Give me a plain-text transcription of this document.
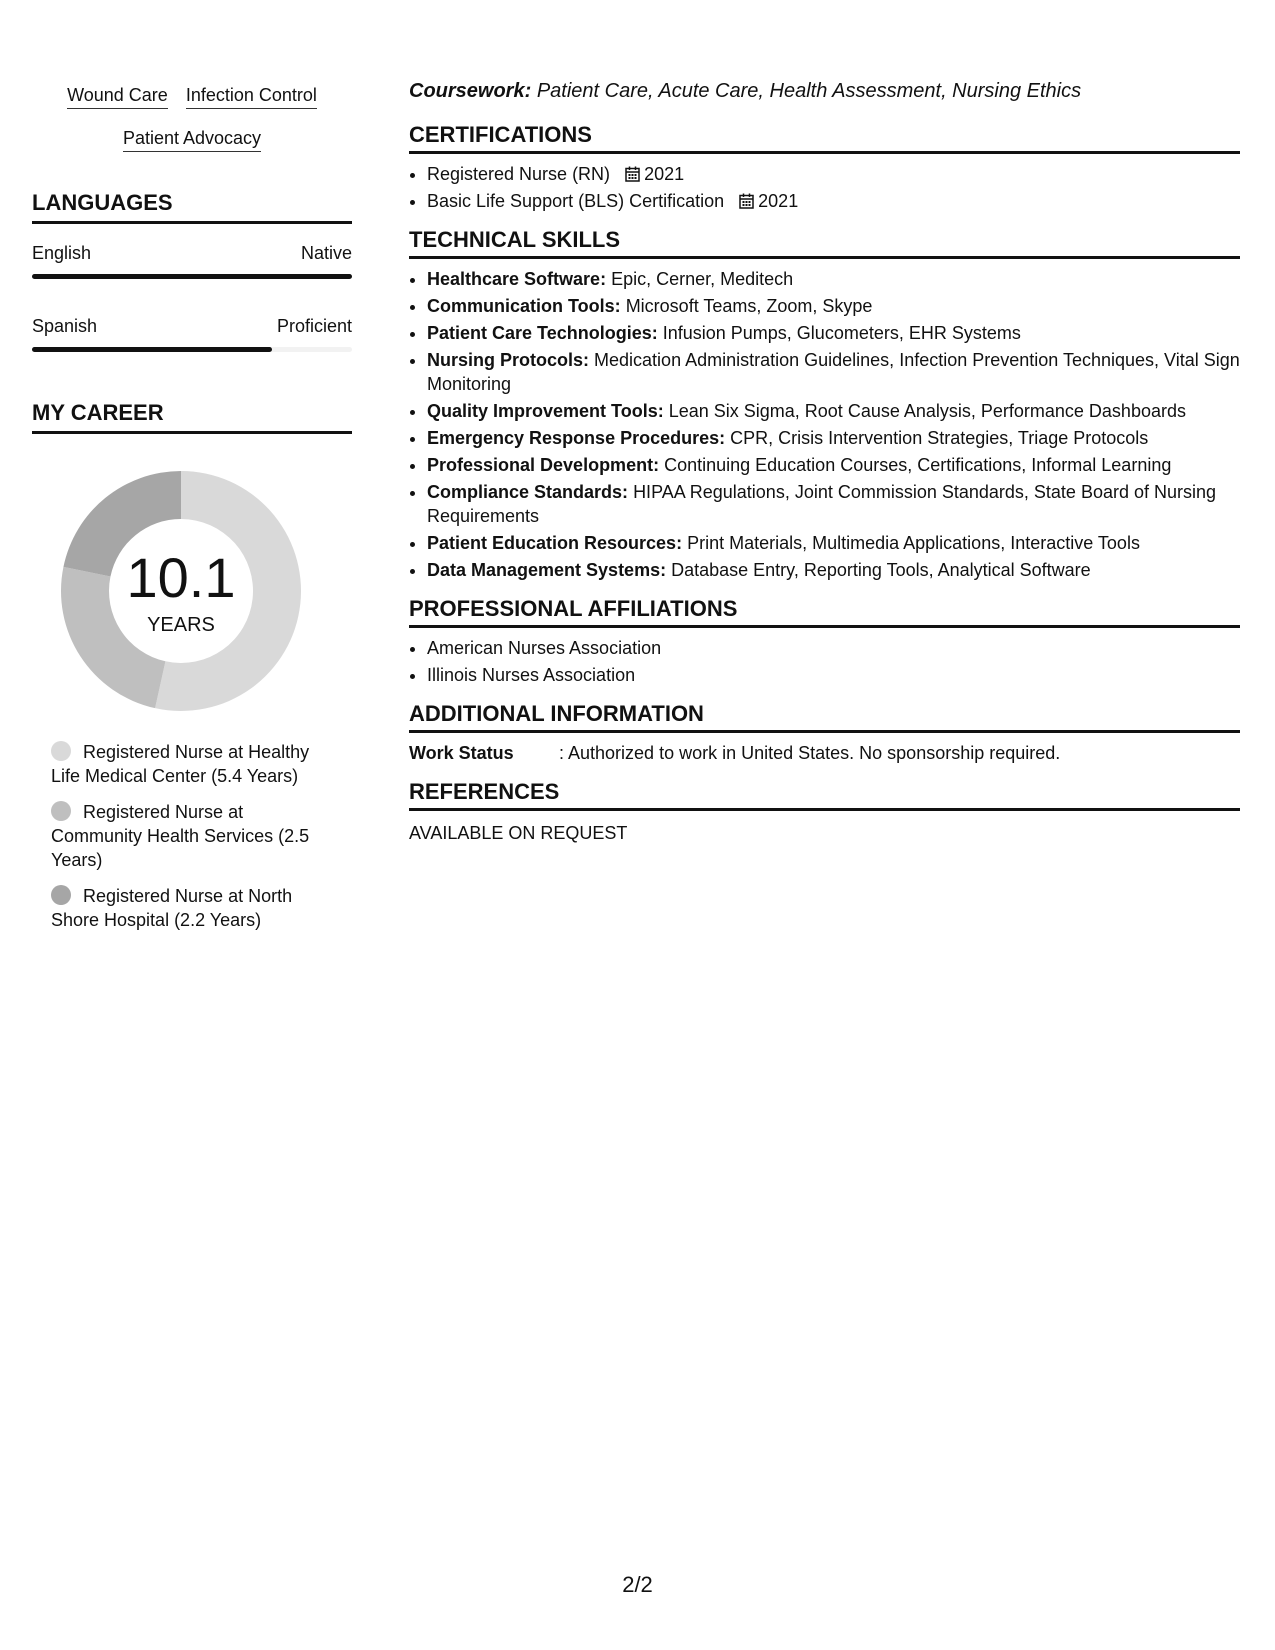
Wound Care Infection Control
Patient Advocacy
LANGUAGES
English	Native
Spanish	Proficient
MY CAREER
10.1
YEARS
Registered Nurse at Healthy Life Medical Center (5.4 Years)
Registered Nurse at Community Health Services (2.5 Years)
Registered Nurse at North Shore Hospital (2.2 Years)

Coursework: Patient Care, Acute Care, Health Assessment, Nursing Ethics

CERTIFICATIONS
• Registered Nurse (RN) 2021
• Basic Life Support (BLS) Certification 2021
TECHNICAL SKILLS
• Healthcare Software: Epic, Cerner, Meditech
• Communication Tools: Microsoft Teams, Zoom, Skype
• Patient Care Technologies: Infusion Pumps, Glucometers, EHR Systems
• Nursing Protocols: Medication Administration Guidelines, Infection Prevention Techniques, Vital Sign Monitoring
• Quality Improvement Tools: Lean Six Sigma, Root Cause Analysis, Performance Dashboards
• Emergency Response Procedures: CPR, Crisis Intervention Strategies, Triage Protocols
• Professional Development: Continuing Education Courses, Certifications, Informal Learning
• Compliance Standards: HIPAA Regulations, Joint Commission Standards, State Board of Nursing Requirements
• Patient Education Resources: Print Materials, Multimedia Applications, Interactive Tools
• Data Management Systems: Database Entry, Reporting Tools, Analytical Software
PROFESSIONAL AFFILIATIONS
• American Nurses Association
• Illinois Nurses Association
ADDITIONAL INFORMATION
Work Status	: Authorized to work in United States. No sponsorship required.
REFERENCES

AVAILABLE ON REQUEST

2/2
